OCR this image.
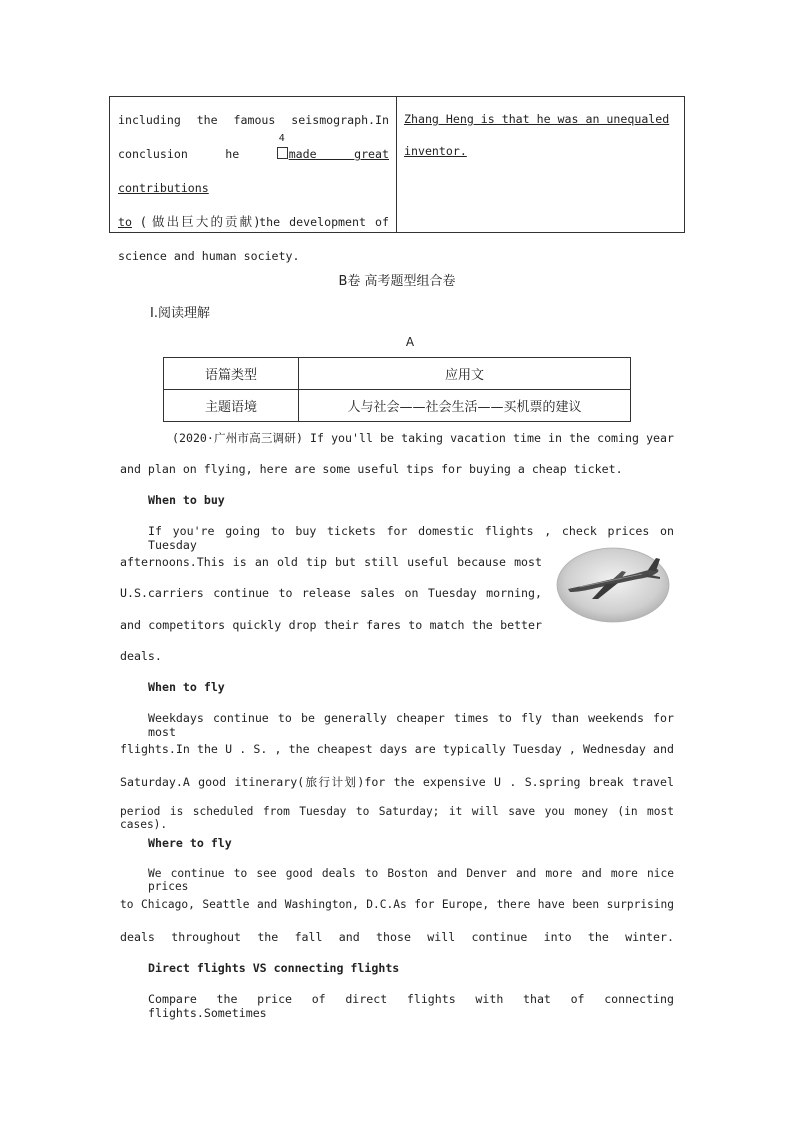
including the famous seismograph.In
conclusion he
4
made great contributions
to ( 做出巨大的贡献)the development of
science and human society.
Zhang Heng is that he was an unequaled
inventor.
B卷 高考题型组合卷
Ⅰ.阅读理解
A
语篇类型	应用文
主题语境	人与社会——社会生活——买机票的建议
(2020·广州市高三调研) If you'll be taking vacation time in the coming year
and plan on flying, here are some useful tips for buying a cheap ticket.
When to buy
If you're going to buy tickets for domestic flights , check prices on Tuesday
afternoons.This is an old tip but still useful because most
U.S.carriers continue to release sales on Tuesday morning,
and competitors quickly drop their fares to match the better
deals.
When to fly
Weekdays continue to be generally cheaper times to fly than weekends for most
flights.In the U . S. , the cheapest days are typically Tuesday , Wednesday and
Saturday.A good itinerary(旅行计划)for the expensive U . S.spring break travel
period is scheduled from Tuesday to Saturday; it will save you money (in most cases).
Where to fly
We continue to see good deals to Boston and Denver and more and more nice prices
to Chicago, Seattle and Washington, D.C.As for Europe, there have been surprising
deals throughout the fall and those will continue into the winter.
Direct flights VS connecting flights
Compare the price of direct flights with that of connecting flights.Sometimes
